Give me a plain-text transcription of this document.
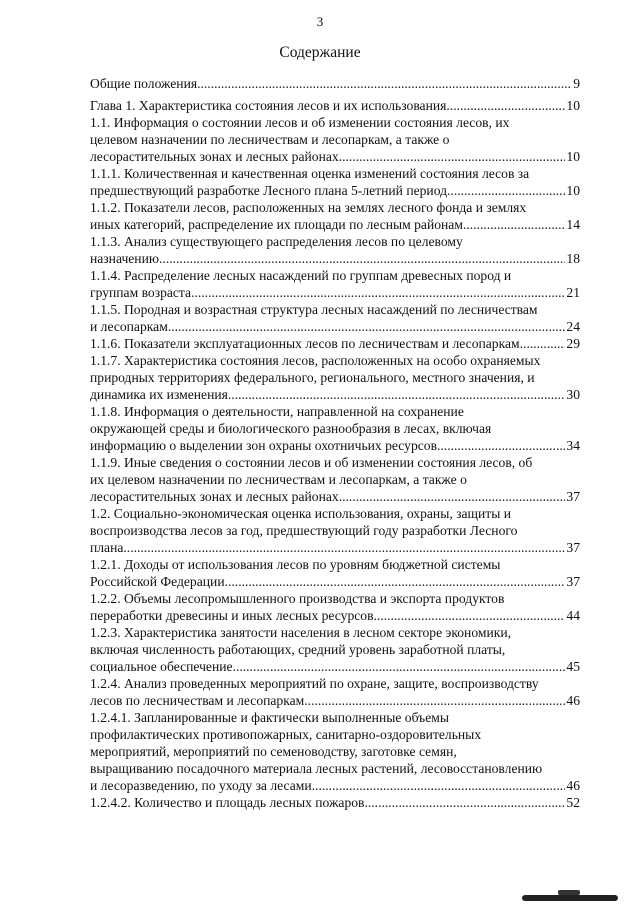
3
Содержание
Общие положения .....	9
Глава 1. Характеристика состояния лесов и их использования .....	10
1.1. Информация о состоянии лесов и об изменении состояния лесов, их
целевом назначении по лесничествам и лесопаркам, а также о
лесорастительных зонах и лесных районах .....	10
1.1.1. Количественная и качественная оценка изменений состояния лесов за
предшествующий разработке Лесного плана 5-летний период .....	10
1.1.2. Показатели лесов, расположенных на землях лесного фонда и землях
иных категорий, распределение их площади по лесным районам .....	14
1.1.3. Анализ существующего распределения лесов по целевому
назначению .....	18
1.1.4. Распределение лесных насаждений по группам древесных пород и
группам возраста .....	21
1.1.5. Породная и возрастная структура лесных насаждений по лесничествам
и лесопаркам .....	24
1.1.6. Показатели эксплуатационных лесов по лесничествам и лесопаркам .....	29
1.1.7. Характеристика состояния лесов, расположенных на особо охраняемых
природных территориях федерального, регионального, местного значения, и
динамика их изменения .....	30
1.1.8. Информация о деятельности, направленной на сохранение
окружающей среды и биологического разнообразия в лесах, включая
информацию о выделении зон охраны охотничьих ресурсов .....	34
1.1.9. Иные сведения о состоянии лесов и об изменении состояния лесов, об
их целевом назначении по лесничествам и лесопаркам, а также о
лесорастительных зонах и лесных районах .....	37
1.2. Социально-экономическая оценка использования, охраны, защиты и
воспроизводства лесов за год, предшествующий году разработки Лесного
плана .....	37
1.2.1. Доходы от использования лесов по уровням бюджетной системы
Российской Федерации .....	37
1.2.2. Объемы лесопромышленного производства и экспорта продуктов
переработки древесины и иных лесных ресурсов .....	44
1.2.3. Характеристика занятости населения в лесном секторе экономики,
включая численность работающих, средний уровень заработной платы,
социальное обеспечение .....	45
1.2.4. Анализ проведенных мероприятий по охране, защите, воспроизводству
лесов по лесничествам и лесопаркам .....	46
1.2.4.1. Запланированные и фактически выполненные объемы
профилактических противопожарных, санитарно-оздоровительных
мероприятий, мероприятий по семеноводству, заготовке семян,
выращиванию посадочного материала лесных растений, лесовосстановлению
и лесоразведению, по уходу за лесами .....	46
1.2.4.2. Количество и площадь лесных пожаров .....	52
